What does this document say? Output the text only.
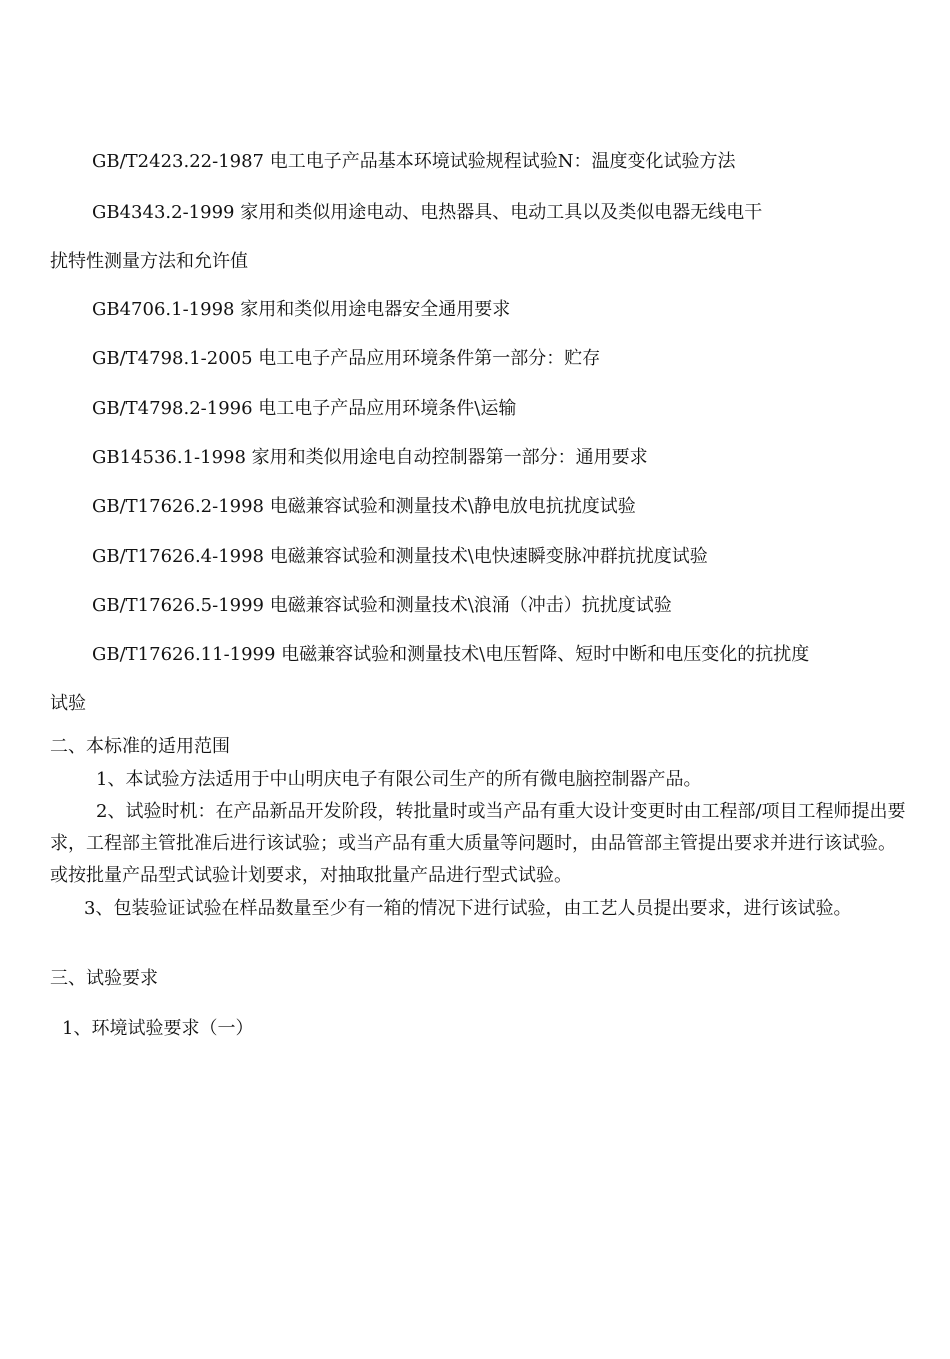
GB/T2423.22-1987 电工电子产品基本环境试验规程试验N：温度变化试验方法
GB4343.2-1999 家用和类似用途电动、电热器具、电动工具以及类似电器无线电干
扰特性测量方法和允许值
GB4706.1-1998 家用和类似用途电器安全通用要求
GB/T4798.1-2005 电工电子产品应用环境条件第一部分：贮存
GB/T4798.2-1996 电工电子产品应用环境条件\运输
GB14536.1-1998 家用和类似用途电自动控制器第一部分：通用要求
GB/T17626.2-1998 电磁兼容试验和测量技术\静电放电抗扰度试验
GB/T17626.4-1998 电磁兼容试验和测量技术\电快速瞬变脉冲群抗扰度试验
GB/T17626.5-1999 电磁兼容试验和测量技术\浪涌（冲击）抗扰度试验
GB/T17626.11-1999 电磁兼容试验和测量技术\电压暂降、短时中断和电压变化的抗扰度
试验
二、本标准的适用范围
1、本试验方法适用于中山明庆电子有限公司生产的所有微电脑控制器产品。
2、试验时机：在产品新品开发阶段，转批量时或当产品有重大设计变更时由工程部/项目工程师提出要求，工程部主管批准后进行该试验；或当产品有重大质量等问题时，由品管部主管提出要求并进行该试验。或按批量产品型式试验计划要求，对抽取批量产品进行型式试验。
3、包装验证试验在样品数量至少有一箱的情况下进行试验，由工艺人员提出要求，进行该试验。
三、试验要求
1、环境试验要求（一）
